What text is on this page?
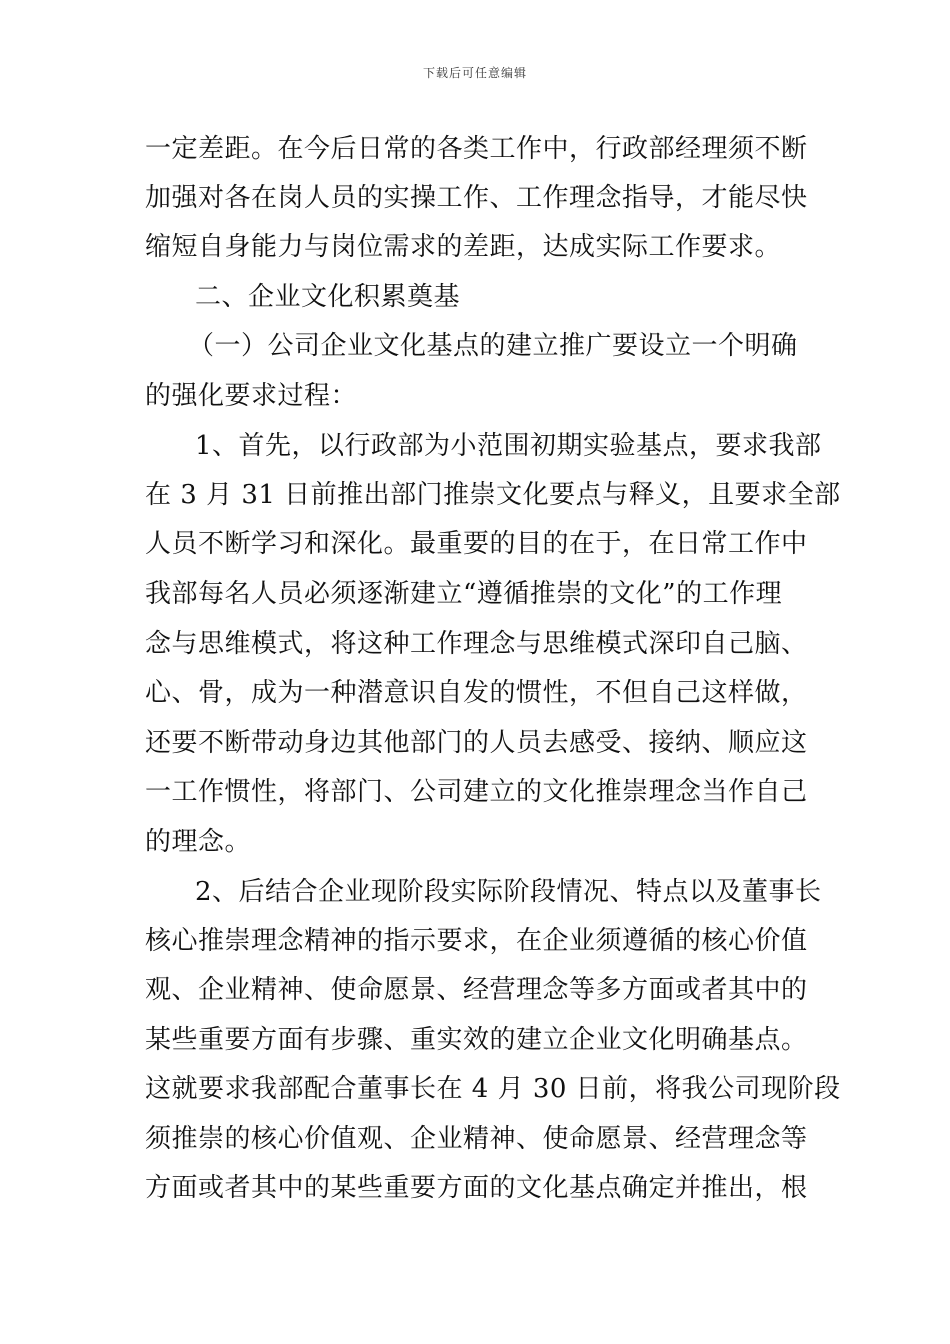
下载后可任意编辑
一定差距。在今后日常的各类工作中，行政部经理须不断
加强对各在岗人员的实操工作、工作理念指导，才能尽快
缩短自身能力与岗位需求的差距，达成实际工作要求。
二、企业文化积累奠基
（一）公司企业文化基点的建立推广要设立一个明确
的强化要求过程：
1、首先，以行政部为小范围初期实验基点，要求我部
在 3 月 31 日前推出部门推崇文化要点与释义，且要求全部
人员不断学习和深化。最重要的目的在于，在日常工作中
我部每名人员必须逐渐建立“遵循推崇的文化”的工作理
念与思维模式，将这种工作理念与思维模式深印自己脑、
心、骨，成为一种潜意识自发的惯性，不但自己这样做，
还要不断带动身边其他部门的人员去感受、接纳、顺应这
一工作惯性，将部门、公司建立的文化推崇理念当作自己
的理念。
2、后结合企业现阶段实际阶段情况、特点以及董事长
核心推崇理念精神的指示要求，在企业须遵循的核心价值
观、企业精神、使命愿景、经营理念等多方面或者其中的
某些重要方面有步骤、重实效的建立企业文化明确基点。
这就要求我部配合董事长在 4 月 30 日前，将我公司现阶段
须推崇的核心价值观、企业精神、使命愿景、经营理念等
方面或者其中的某些重要方面的文化基点确定并推出，根
